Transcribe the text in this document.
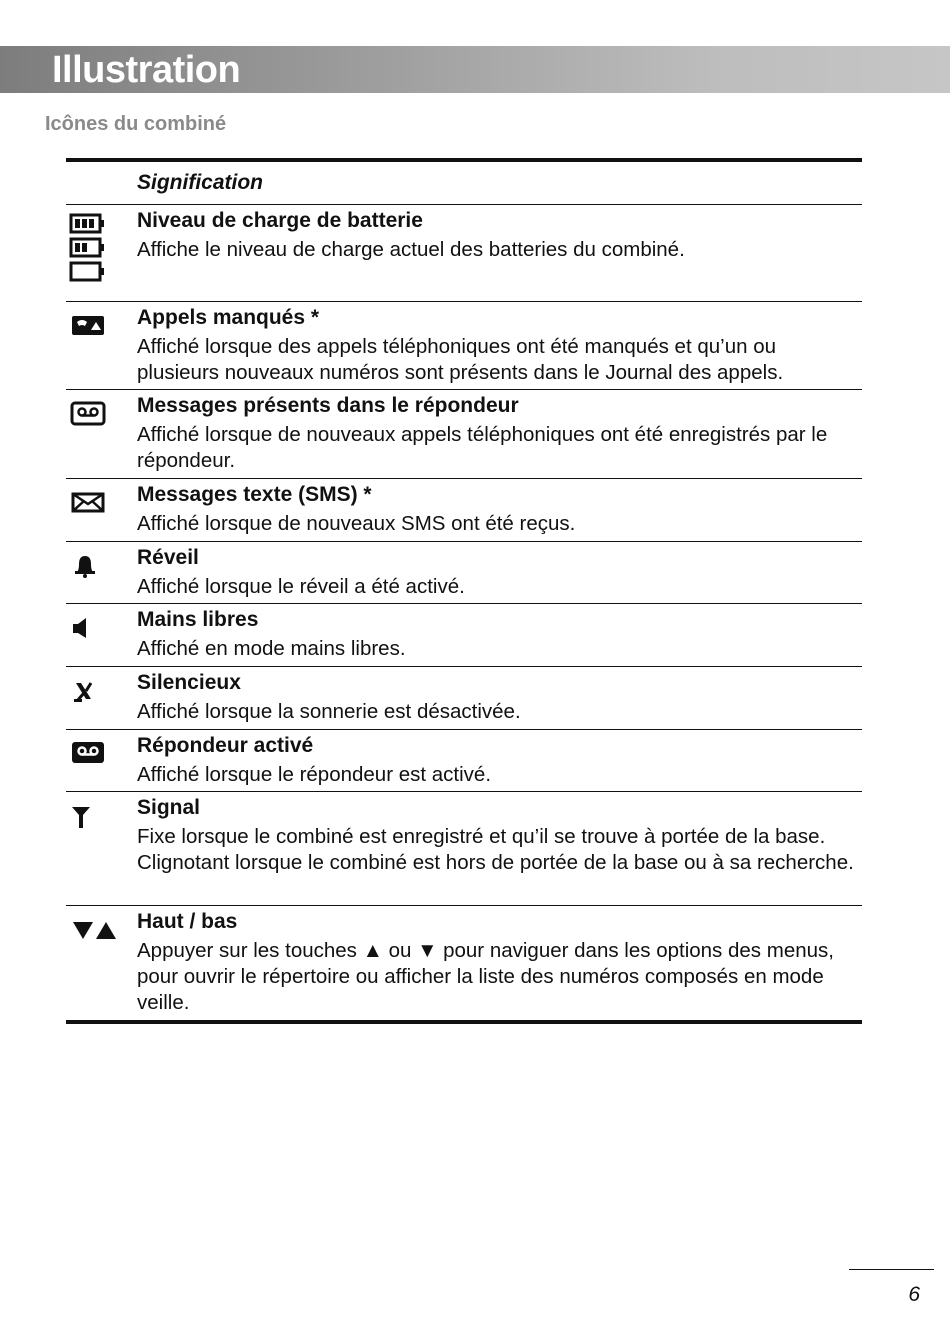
Illustration
Icônes du combiné
Signification
Niveau de charge de batterie
Affiche le niveau de charge actuel des batteries du combiné.
Appels manqués *
Affiché lorsque des appels téléphoniques ont été manqués et qu’un ou plusieurs nouveaux numéros sont présents dans le Journal des appels.
Messages présents dans le répondeur
Affiché lorsque de nouveaux appels téléphoniques ont été enregistrés par le répondeur.
Messages texte (SMS) *
Affiché lorsque de nouveaux SMS ont été reçus.
Réveil
Affiché lorsque le réveil a été activé.
Mains libres
Affiché en mode mains libres.
Silencieux
Affiché lorsque la sonnerie est désactivée.
Répondeur activé
Affiché lorsque le répondeur est activé.
Signal
Fixe lorsque le combiné est enregistré et qu’il se trouve à portée de la base. Clignotant lorsque le combiné est hors de portée de la base ou à sa recherche.
Haut / bas
Appuyer sur les touches ▲ ou ▼ pour naviguer dans les options des menus, pour ouvrir le répertoire ou afficher la liste des numéros composés en mode veille.
6
